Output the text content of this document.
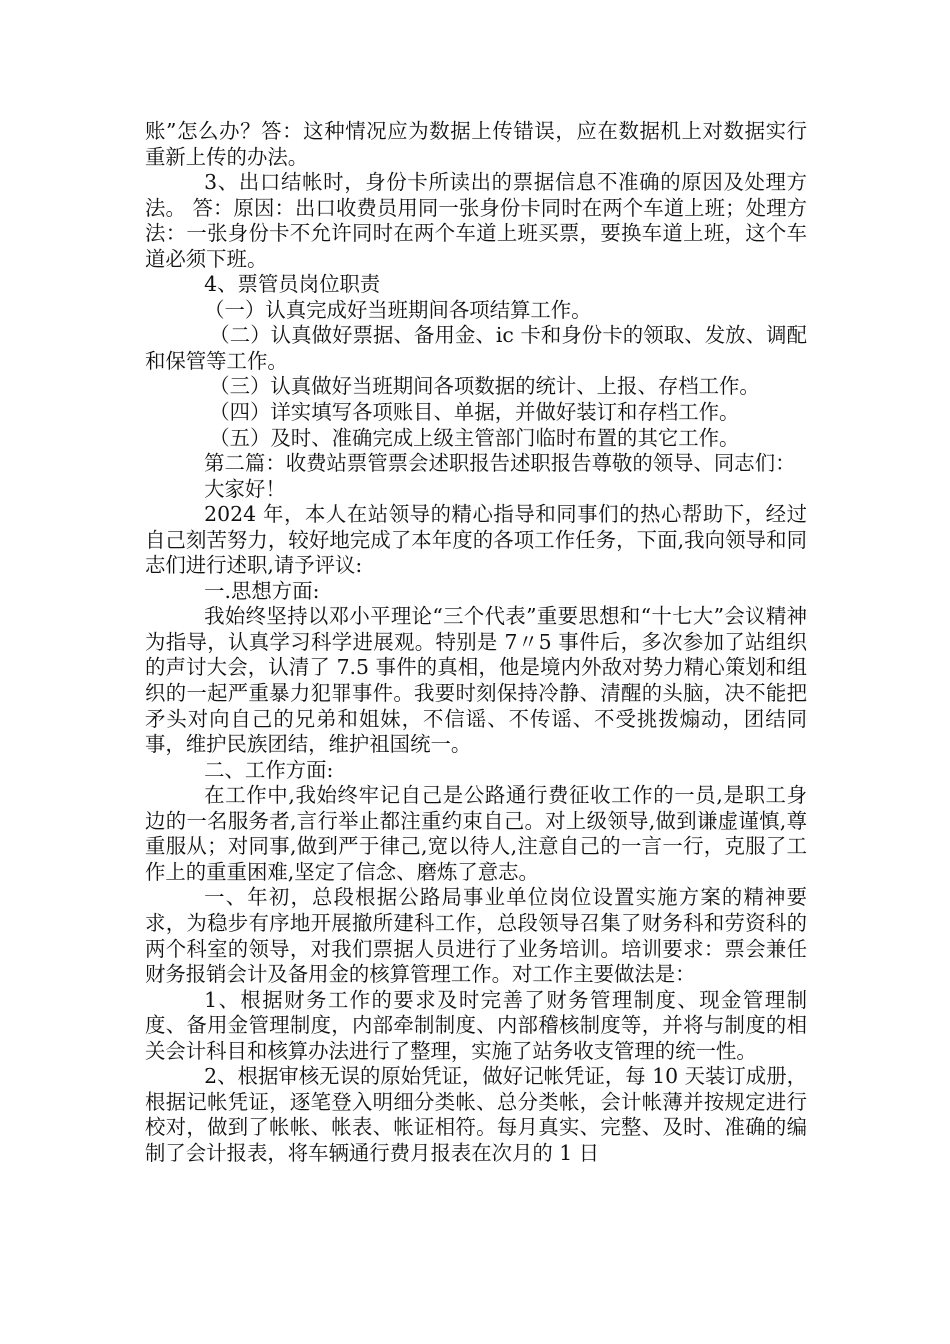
账”怎么办？答：这种情况应为数据上传错误，应在数据机上对数据实行重新上传的办法。

3、出口结帐时，身份卡所读出的票据信息不准确的原因及处理方法。 答：原因：出口收费员用同一张身份卡同时在两个车道上班；处理方法：一张身份卡不允许同时在两个车道上班买票，要换车道上班，这个车道必须下班。

4、票管员岗位职责

（一）认真完成好当班期间各项结算工作。

（二）认真做好票据、备用金、ic 卡和身份卡的领取、发放、调配和保管等工作。

（三）认真做好当班期间各项数据的统计、上报、存档工作。

（四）详实填写各项账目、单据，并做好装订和存档工作。

（五）及时、准确完成上级主管部门临时布置的其它工作。

第二篇：收费站票管票会述职报告述职报告尊敬的领导、同志们：

大家好！

2024 年，本人在站领导的精心指导和同事们的热心帮助下，经过自己刻苦努力，较好地完成了本年度的各项工作任务，下面,我向领导和同志们进行述职,请予评议:

一.思想方面:

我始终坚持以邓小平理论“三个代表”重要思想和“十七大”会议精神为指导，认真学习科学进展观。特别是 7〃5 事件后，多次参加了站组织的声讨大会，认清了 7.5 事件的真相，他是境内外敌对势力精心策划和组织的一起严重暴力犯罪事件。我要时刻保持冷静、清醒的头脑，决不能把矛头对向自己的兄弟和姐妹，不信谣、不传谣、不受挑拨煽动，团结同事，维护民族团结，维护祖国统一。

二、工作方面:

在工作中,我始终牢记自己是公路通行费征收工作的一员,是职工身边的一名服务者,言行举止都注重约束自己。对上级领导,做到谦虚谨慎,尊重服从；对同事,做到严于律己,宽以待人,注意自己的一言一行，克服了工作上的重重困难,坚定了信念、磨炼了意志。

一、年初，总段根据公路局事业单位岗位设置实施方案的精神要求，为稳步有序地开展撤所建科工作，总段领导召集了财务科和劳资科的两个科室的领导，对我们票据人员进行了业务培训。培训要求：票会兼任财务报销会计及备用金的核算管理工作。对工作主要做法是：

1、根据财务工作的要求及时完善了财务管理制度、现金管理制度、备用金管理制度，内部牵制制度、内部稽核制度等，并将与制度的相关会计科目和核算办法进行了整理，实施了站务收支管理的统一性。

2、根据审核无误的原始凭证，做好记帐凭证，每 10 天装订成册，根据记帐凭证，逐笔登入明细分类帐、总分类帐，会计帐薄并按规定进行校对，做到了帐帐、帐表、帐证相符。每月真实、完整、及时、准确的编制了会计报表，将车辆通行费月报表在次月的 1 日
